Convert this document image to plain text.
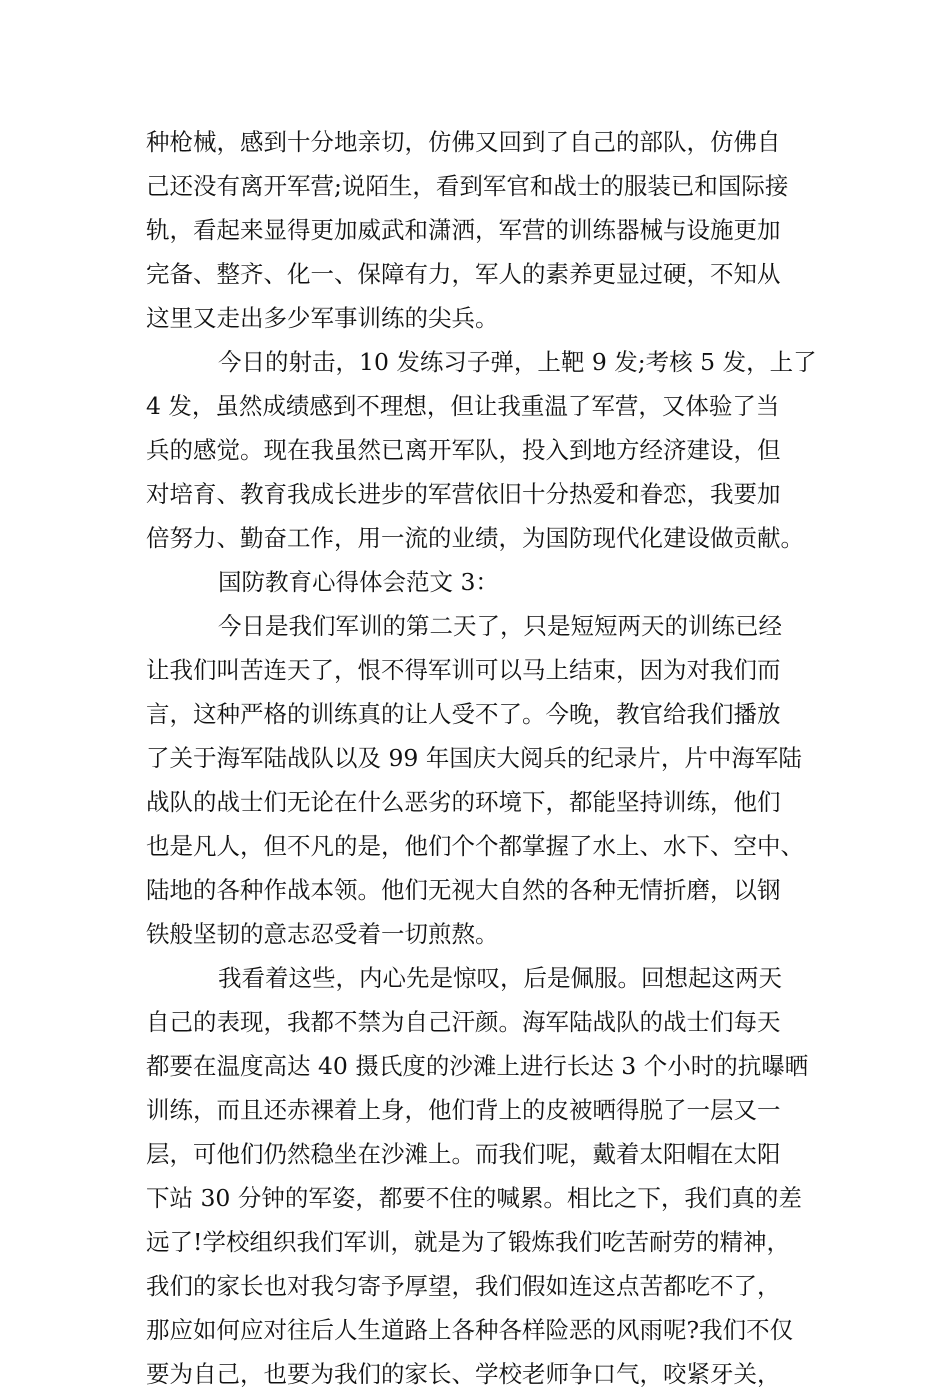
种枪械，感到十分地亲切，仿佛又回到了自己的部队，仿佛自
己还没有离开军营;说陌生，看到军官和战士的服装已和国际接
轨，看起来显得更加威武和潇洒，军营的训练器械与设施更加
完备、整齐、化一、保障有力，军人的素养更显过硬，不知从
这里又走出多少军事训练的尖兵。
今日的射击，10 发练习子弹，上靶 9 发;考核 5 发，上了
4 发，虽然成绩感到不理想，但让我重温了军营，又体验了当
兵的感觉。现在我虽然已离开军队，投入到地方经济建设，但
对培育、教育我成长进步的军营依旧十分热爱和眷恋，我要加
倍努力、勤奋工作，用一流的业绩，为国防现代化建设做贡献。
国防教育心得体会范文 3：
今日是我们军训的第二天了，只是短短两天的训练已经
让我们叫苦连天了，恨不得军训可以马上结束，因为对我们而
言，这种严格的训练真的让人受不了。今晚，教官给我们播放
了关于海军陆战队以及 99 年国庆大阅兵的纪录片，片中海军陆
战队的战士们无论在什么恶劣的环境下，都能坚持训练，他们
也是凡人，但不凡的是，他们个个都掌握了水上、水下、空中、
陆地的各种作战本领。他们无视大自然的各种无情折磨，以钢
铁般坚韧的意志忍受着一切煎熬。
我看着这些，内心先是惊叹，后是佩服。回想起这两天
自己的表现，我都不禁为自己汗颜。海军陆战队的战士们每天
都要在温度高达 40 摄氏度的沙滩上进行长达 3 个小时的抗曝晒
训练，而且还赤裸着上身，他们背上的皮被晒得脱了一层又一
层，可他们仍然稳坐在沙滩上。而我们呢，戴着太阳帽在太阳
下站 30 分钟的军姿，都要不住的喊累。相比之下，我们真的差
远了!学校组织我们军训，就是为了锻炼我们吃苦耐劳的精神，
我们的家长也对我匀寄予厚望，我们假如连这点苦都吃不了，
那应如何应对往后人生道路上各种各样险恶的风雨呢?我们不仅
要为自己，也要为我们的家长、学校老师争口气，咬紧牙关，
